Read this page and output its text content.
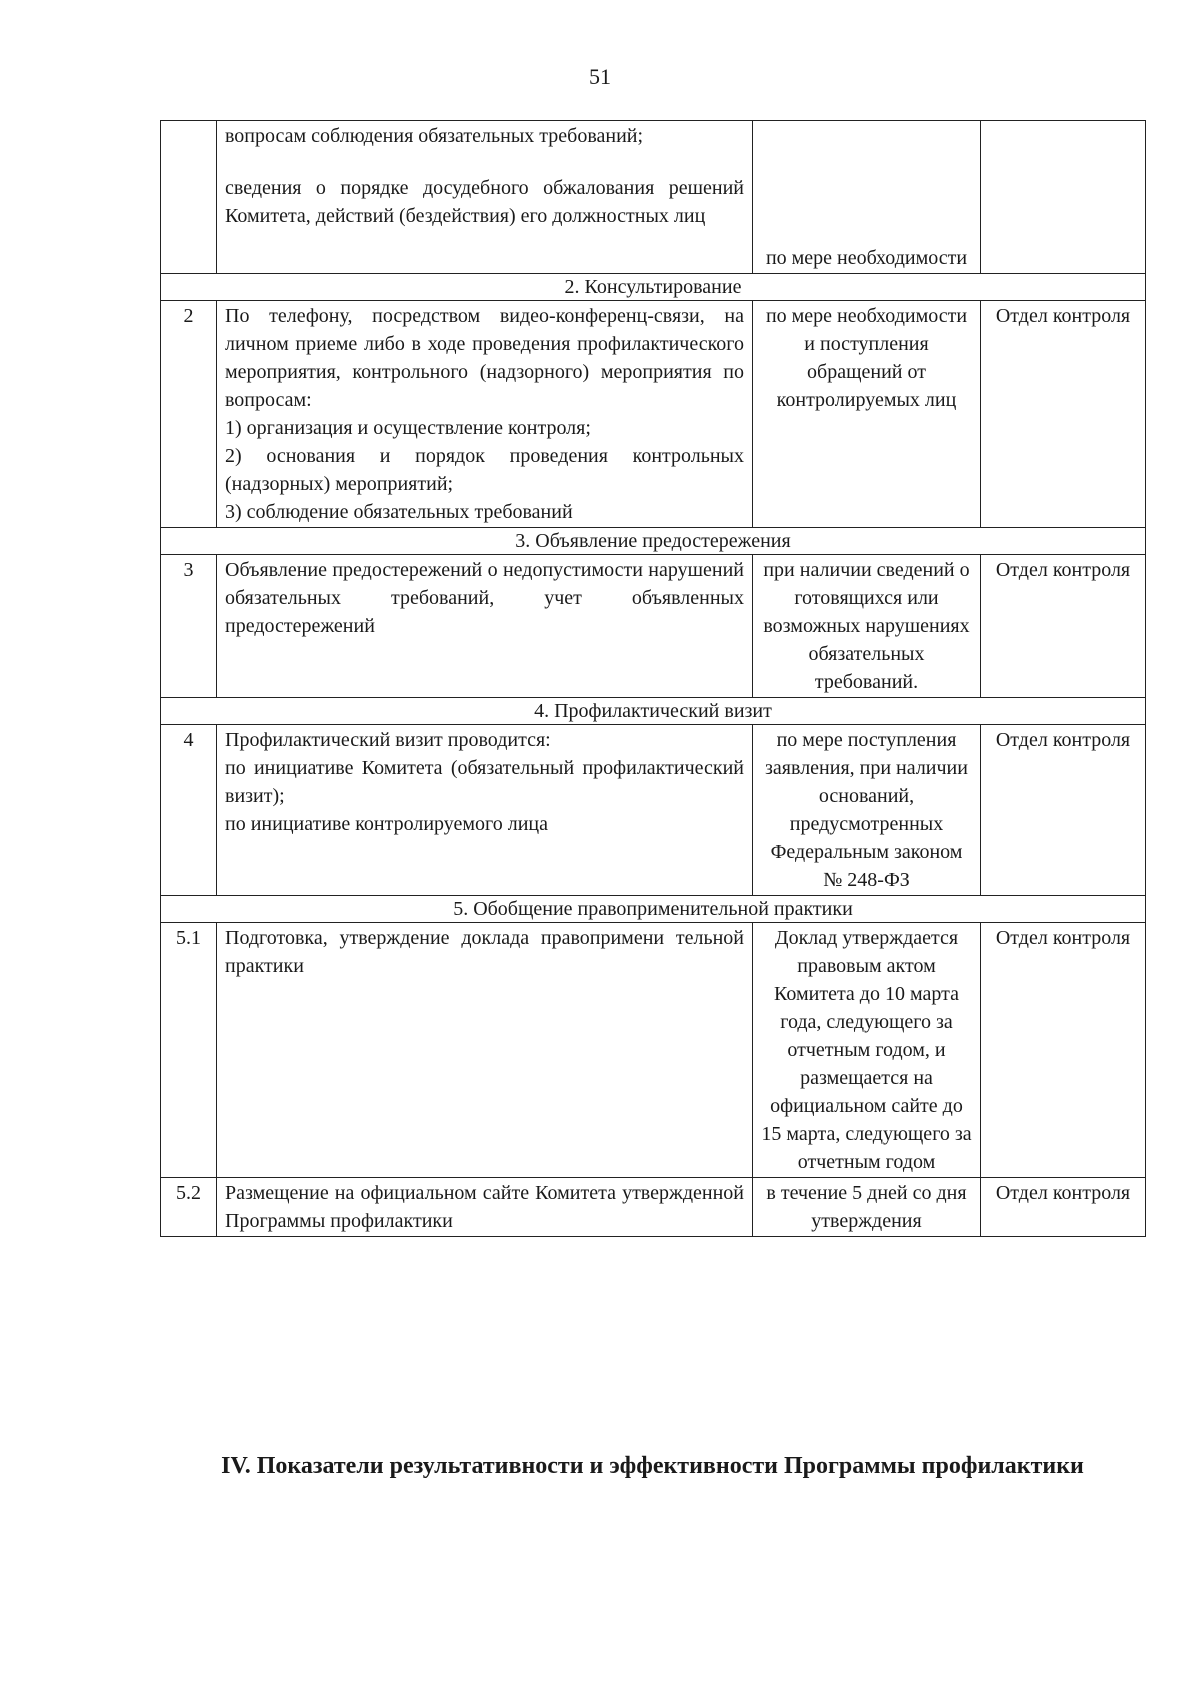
51

	вопросам соблюдения обязательных требований;
сведения о порядке досудебного обжалования решений Комитета, действий (бездействия) его должностных лиц	по мере необходимости	
2. Консультирование			
2	По телефону, посредством видео-конференц-связи, на личном приеме либо в ходе проведения профилактического мероприятия, контрольного (надзорного) мероприятия по вопросам:
1) организация и осуществление контроля;
2) основания и порядок проведения контрольных (надзорных) мероприятий;
3) соблюдение обязательных требований	по мере необходимости и поступления обращений от контролируемых лиц	Отдел контроля
3. Объявление предостережения			
3	Объявление предостережений о недопустимости нарушений обязательных требований, учет объявленных предостережений	при наличии сведений о готовящихся или возможных нарушениях обязательных требований.	Отдел контроля
4. Профилактический визит			
4	Профилактический визит проводится:
по инициативе Комитета (обязательный профилактический визит);
по инициативе контролируемого лица	по мере поступления заявления, при наличии оснований, предусмотренных Федеральным законом № 248-ФЗ	Отдел контроля
5. Обобщение правоприменительной практики			
5.1	Подготовка, утверждение доклада правопримени тельной практики	Доклад утверждается правовым актом Комитета до 10 марта года, следующего за отчетным годом, и размещается на официальном сайте до 15 марта, следующего за отчетным годом	Отдел контроля
5.2	Размещение на официальном сайте Комитета утвержденной Программы профилактики	в течение 5 дней со дня утверждения	Отдел контроля
IV. Показатели результативности и эффективности Программы профилактики
